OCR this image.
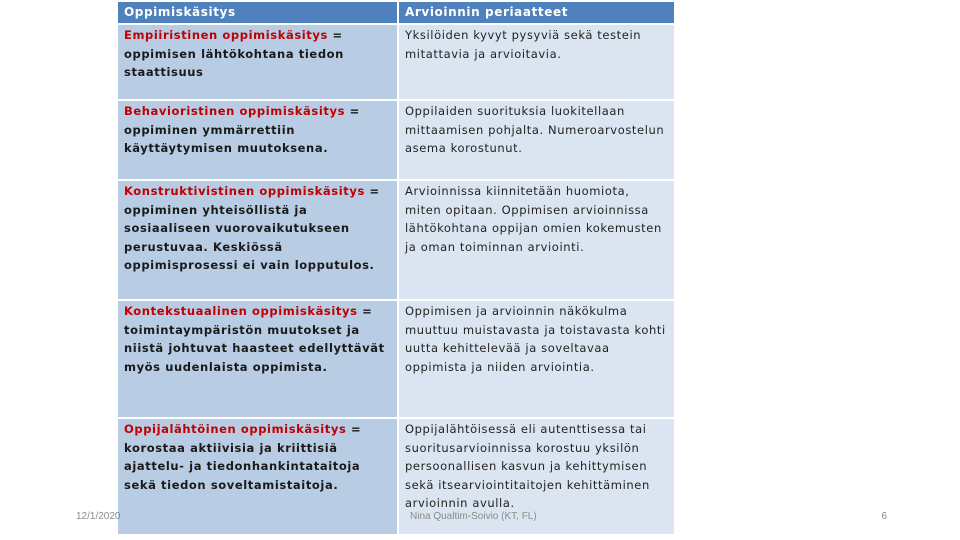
Oppimiskäsitys	Arvioinnin periaatteet
Empiiristinen oppimiskäsitys =
oppimisen lähtökohtana tiedon staattisuus	Yksilöiden kyvyt pysyviä sekä testein mitattavia ja arvioitavia.
Behavioristinen oppimiskäsitys =
oppiminen ymmärrettiin käyttäytymisen muutoksena.	Oppilaiden suorituksia luokitellaan mittaamisen pohjalta. Numeroarvostelun asema korostunut.
Konstruktivistinen oppimiskäsitys =
oppiminen yhteisöllistä ja sosiaaliseen vuorovaikutukseen perustuvaa. Keskiössä oppimisprosessi ei vain lopputulos.	Arvioinnissa kiinnitetään huomiota, miten opitaan. Oppimisen arvioinnissa lähtökohtana oppijan omien kokemusten ja oman toiminnan arviointi.
Kontekstuaalinen oppimiskäsitys =
toimintaympäristön muutokset ja niistä johtuvat haasteet edellyttävät myös uudenlaista oppimista.	Oppimisen ja arvioinnin näkökulma muuttuu muistavasta ja toistavasta kohti uutta kehittelevää ja soveltavaa oppimista ja niiden arviointia.
Oppijalähtöinen oppimiskäsitys =
korostaa aktiivisia ja kriittisiä ajattelu- ja tiedonhankintataitoja sekä tiedon soveltamistaitoja.	Oppijalähtöisessä eli autenttisessa tai suoritusarvioinnissa korostuu yksilön persoonallisen kasvun ja kehittymisen sekä itsearviointitaitojen kehittäminen arvioinnin avulla.
12/1/2020	Nina Qualtim-Soivio (KT, FL)	6
